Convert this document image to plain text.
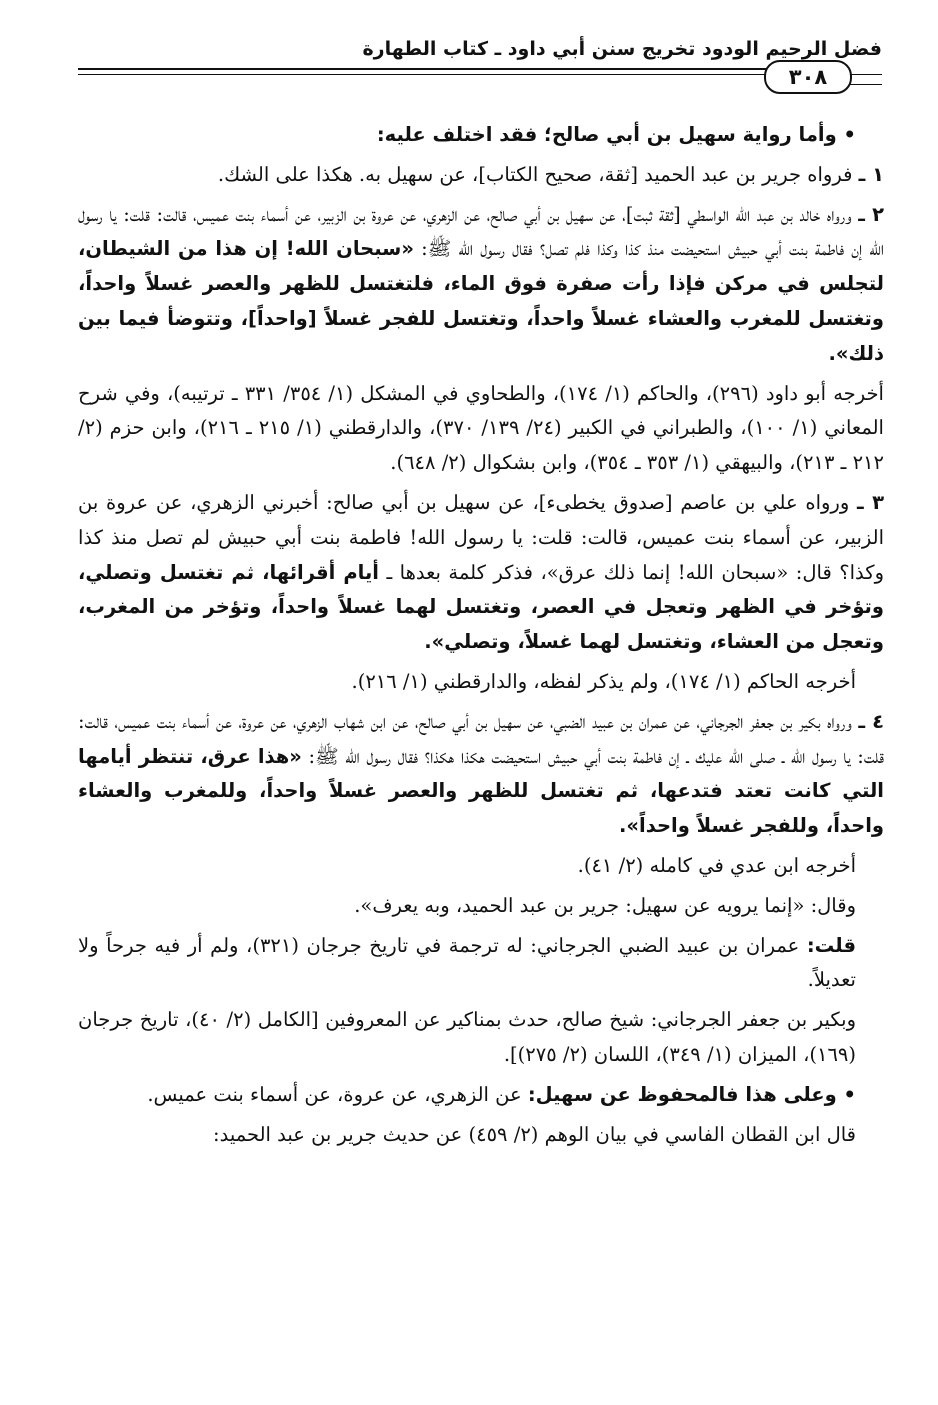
فضل الرحيم الودود تخريج سنن أبي داود ـ كتاب الطهارة
٣٠٨

• وأما رواية سهيل بن أبي صالح؛ فقد اختلف عليه:

١ ـ فرواه جرير بن عبد الحميد [ثقة، صحيح الكتاب]، عن سهيل به. هكذا على الشك.

٢ ـ ورواه خالد بن عبد الله الواسطي [ثقة ثبت]، عن سهيل بن أبي صالح، عن الزهري، عن عروة بن الزبير، عن أسماء بنت عميس، قالت: قلت: يا رسول الله إن فاطمة بنت أبي حبيش استحيضت منذ كذا وكذا فلم تصل؟ فقال رسول الله ﷺ: «سبحان الله! إن هذا من الشيطان، لتجلس في مركن فإذا رأت صفرة فوق الماء، فلتغتسل للظهر والعصر غسلاً واحداً، وتغتسل للمغرب والعشاء غسلاً واحداً، وتغتسل للفجر غسلاً [واحداً]، وتتوضأ فيما بين ذلك».

أخرجه أبو داود (٢٩٦)، والحاكم (١/ ١٧٤)، والطحاوي في المشكل (١/ ٣٥٤/ ٣٣١ ـ ترتيبه)، وفي شرح المعاني (١/ ١٠٠)، والطبراني في الكبير (٢٤/ ١٣٩/ ٣٧٠)، والدارقطني (١/ ٢١٥ ـ ٢١٦)، وابن حزم (٢/ ٢١٢ ـ ٢١٣)، والبيهقي (١/ ٣٥٣ ـ ٣٥٤)، وابن بشكوال (٢/ ٦٤٨).

٣ ـ ورواه علي بن عاصم [صدوق يخطىء]، عن سهيل بن أبي صالح: أخبرني الزهري، عن عروة بن الزبير، عن أسماء بنت عميس، قالت: قلت: يا رسول الله! فاطمة بنت أبي حبيش لم تصل منذ كذا وكذا؟ قال: «سبحان الله! إنما ذلك عرق»، فذكر كلمة بعدها ـ أيام أقرائها، ثم تغتسل وتصلي، وتؤخر في الظهر وتعجل في العصر، وتغتسل لهما غسلاً واحداً، وتؤخر من المغرب، وتعجل من العشاء، وتغتسل لهما غسلاً، وتصلي».

أخرجه الحاكم (١/ ١٧٤)، ولم يذكر لفظه، والدارقطني (١/ ٢١٦).

٤ ـ ورواه بكير بن جعفر الجرجاني، عن عمران بن عبيد الضبي، عن سهيل بن أبي صالح، عن ابن شهاب الزهري، عن عروة، عن أسماء بنت عميس، قالت: قلت: يا رسول الله ـ صلى الله عليك ـ إن فاطمة بنت أبي حبيش استحيضت هكذا هكذا؟ فقال رسول الله ﷺ: «هذا عرق، تنتظر أيامها التي كانت تعتد فتدعها، ثم تغتسل للظهر والعصر غسلاً واحداً، وللمغرب والعشاء واحداً، وللفجر غسلاً واحداً».

أخرجه ابن عدي في كامله (٢/ ٤١).

وقال: «إنما يرويه عن سهيل: جرير بن عبد الحميد، وبه يعرف».

قلت: عمران بن عبيد الضبي الجرجاني: له ترجمة في تاريخ جرجان (٣٢١)، ولم أر فيه جرحاً ولا تعديلاً.

وبكير بن جعفر الجرجاني: شيخ صالح، حدث بمناكير عن المعروفين [الكامل (٢/ ٤٠)، تاريخ جرجان (١٦٩)، الميزان (١/ ٣٤٩)، اللسان (٢/ ٢٧٥)].

• وعلى هذا فالمحفوظ عن سهيل: عن الزهري، عن عروة، عن أسماء بنت عميس.

قال ابن القطان الفاسي في بيان الوهم (٢/ ٤٥٩) عن حديث جرير بن عبد الحميد:
